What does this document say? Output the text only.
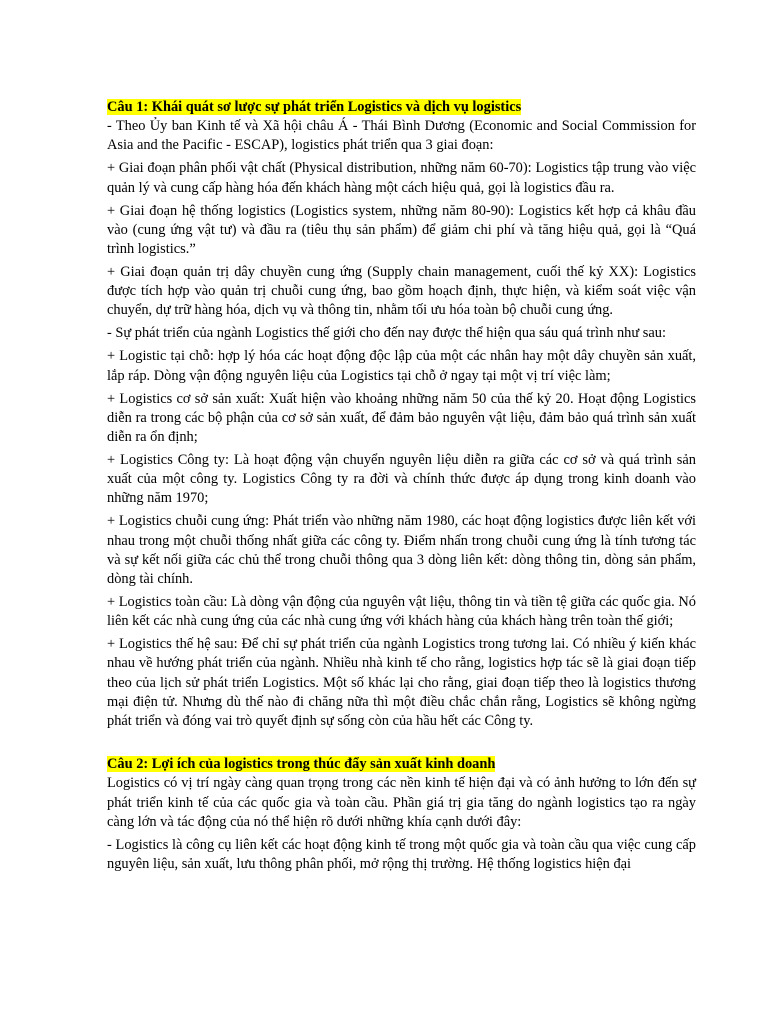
Câu 1: Khái quát sơ lược sự phát triển Logistics và dịch vụ logistics

- Theo Ủy ban Kinh tế và Xã hội châu Á - Thái Bình Dương (Economic and Social Commission for Asia and the Pacific - ESCAP), logistics phát triển qua 3 giai đoạn:

+ Giai đoạn phân phối vật chất (Physical distribution, những năm 60-70): Logistics tập trung vào việc quản lý và cung cấp hàng hóa đến khách hàng một cách hiệu quả, gọi là logistics đầu ra.

+ Giai đoạn hệ thống logistics (Logistics system, những năm 80-90): Logistics kết hợp cả khâu đầu vào (cung ứng vật tư) và đầu ra (tiêu thụ sản phẩm) để giảm chi phí và tăng hiệu quả, gọi là “Quá trình logistics.”

+ Giai đoạn quản trị dây chuyền cung ứng (Supply chain management, cuối thế kỷ XX): Logistics được tích hợp vào quản trị chuỗi cung ứng, bao gồm hoạch định, thực hiện, và kiểm soát việc vận chuyển, dự trữ hàng hóa, dịch vụ và thông tin, nhằm tối ưu hóa toàn bộ chuỗi cung ứng.

- Sự phát triển của ngành Logistics thế giới cho đến nay được thể hiện qua sáu quá trình như sau:

+ Logistic tại chỗ: hợp lý hóa các hoạt động độc lập của một các nhân hay một dây chuyền sản xuất, lắp ráp. Dòng vận động nguyên liệu của Logistics tại chỗ ở ngay tại một vị trí việc làm;

+ Logistics cơ sở sản xuất: Xuất hiện vào khoảng những năm 50 của thế kỷ 20. Hoạt động Logistics diễn ra trong các bộ phận của cơ sở sản xuất, để đảm bảo nguyên vật liệu, đảm bảo quá trình sản xuất diễn ra ổn định;

+ Logistics Công ty: Là hoạt động vận chuyển nguyên liệu diễn ra giữa các cơ sở và quá trình sản xuất của một công ty. Logistics Công ty ra đời và chính thức được áp dụng trong kinh doanh vào những năm 1970;

+ Logistics chuỗi cung ứng: Phát triển vào những năm 1980, các hoạt động logistics được liên kết với nhau trong một chuỗi thống nhất giữa các công ty. Điểm nhấn trong chuỗi cung ứng là tính tương tác và sự kết nối giữa các chủ thể trong chuỗi thông qua 3 dòng liên kết: dòng thông tin, dòng sản phẩm, dòng tài chính.

+ Logistics toàn cầu: Là dòng vận động của nguyên vật liệu, thông tin và tiền tệ giữa các quốc gia. Nó liên kết các nhà cung ứng của các nhà cung ứng với khách hàng của khách hàng trên toàn thế giới;

+ Logistics thế hệ sau: Để chỉ sự phát triển của ngành Logistics trong tương lai. Có nhiều ý kiến khác nhau về hướng phát triển của ngành. Nhiều nhà kinh tế cho rằng, logistics hợp tác sẽ là giai đoạn tiếp theo của lịch sử phát triển Logistics. Một số khác lại cho rằng, giai đoạn tiếp theo là logistics thương mại điện tử. Nhưng dù thế nào đi chăng nữa thì một điều chắc chắn rằng, Logistics sẽ không ngừng phát triển và đóng vai trò quyết định sự sống còn của hầu hết các Công ty.

Câu 2: Lợi ích của logistics trong thúc đẩy sản xuất kinh doanh

Logistics có vị trí ngày càng quan trọng trong các nền kinh tế hiện đại và có ảnh hưởng to lớn đến sự phát triển kinh tế của các quốc gia và toàn cầu. Phần giá trị gia tăng do ngành logistics tạo ra ngày càng lớn và tác động của nó thể hiện rõ dưới những khía cạnh dưới đây:

- Logistics là công cụ liên kết các hoạt động kinh tế trong một quốc gia và toàn cầu qua việc cung cấp nguyên liệu, sản xuất, lưu thông phân phối, mở rộng thị trường. Hệ thống logistics hiện đại
